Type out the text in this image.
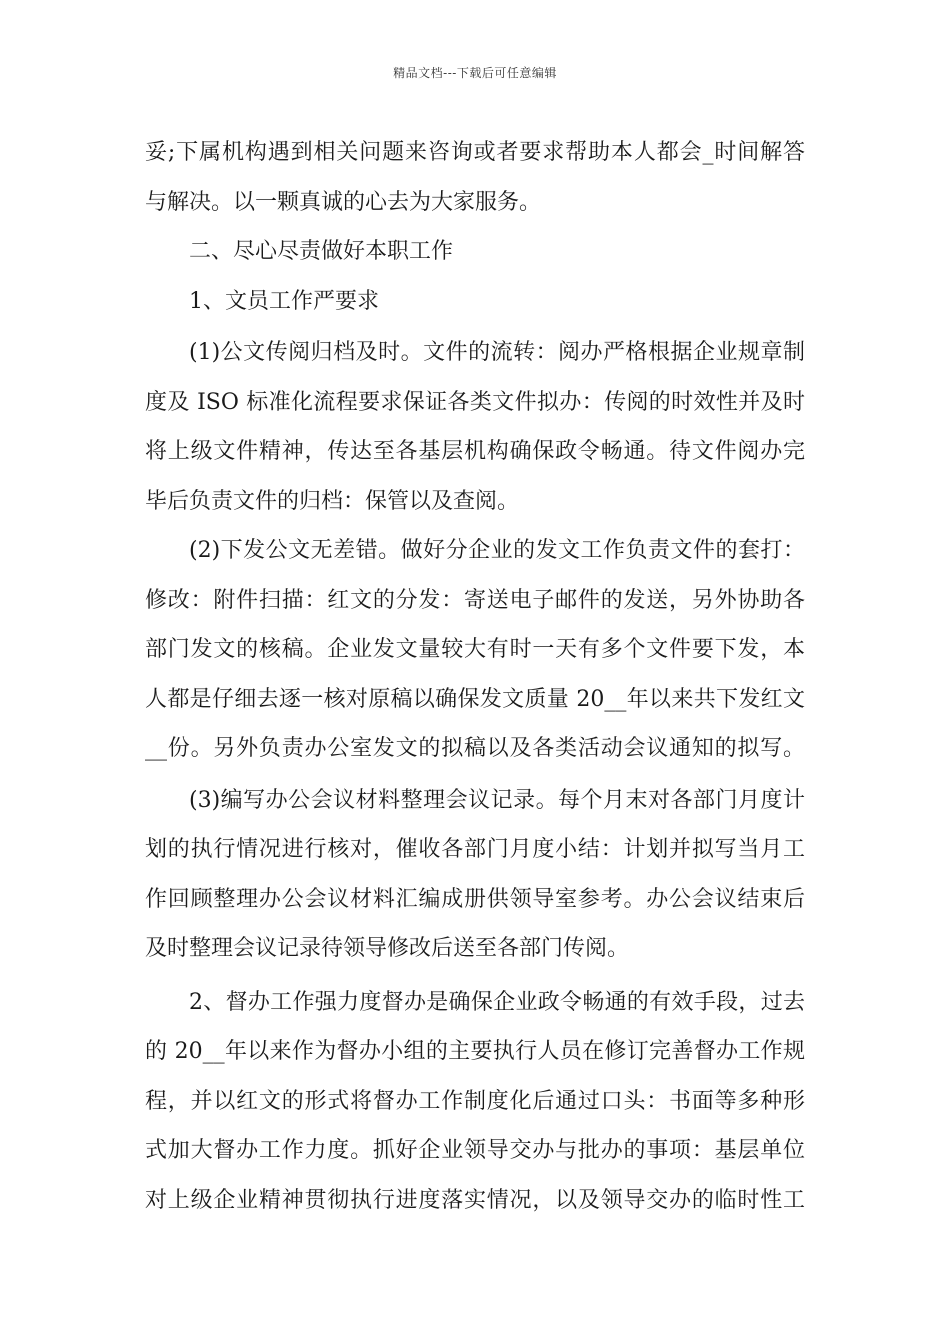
精品文档---下载后可任意编辑
妥;下属机构遇到相关问题来咨询或者要求帮助本人都会_时间解答
与解决。以一颗真诚的心去为大家服务。
二、尽心尽责做好本职工作
1、文员工作严要求
(1)公文传阅归档及时。文件的流转：阅办严格根据企业规章制
度及 ISO 标准化流程要求保证各类文件拟办：传阅的时效性并及时
将上级文件精神，传达至各基层机构确保政令畅通。待文件阅办完
毕后负责文件的归档：保管以及查阅。
(2)下发公文无差错。做好分企业的发文工作负责文件的套打：
修改：附件扫描：红文的分发：寄送电子邮件的发送，另外协助各
部门发文的核稿。企业发文量较大有时一天有多个文件要下发，本
人都是仔细去逐一核对原稿以确保发文质量 20__年以来共下发红文
__份。另外负责办公室发文的拟稿以及各类活动会议通知的拟写。
(3)编写办公会议材料整理会议记录。每个月末对各部门月度计
划的执行情况进行核对，催收各部门月度小结：计划并拟写当月工
作回顾整理办公会议材料汇编成册供领导室参考。办公会议结束后
及时整理会议记录待领导修改后送至各部门传阅。
2、督办工作强力度督办是确保企业政令畅通的有效手段，过去
的 20__年以来作为督办小组的主要执行人员在修订完善督办工作规
程，并以红文的形式将督办工作制度化后通过口头：书面等多种形
式加大督办工作力度。抓好企业领导交办与批办的事项：基层单位
对上级企业精神贯彻执行进度落实情况，以及领导交办的临时性工
